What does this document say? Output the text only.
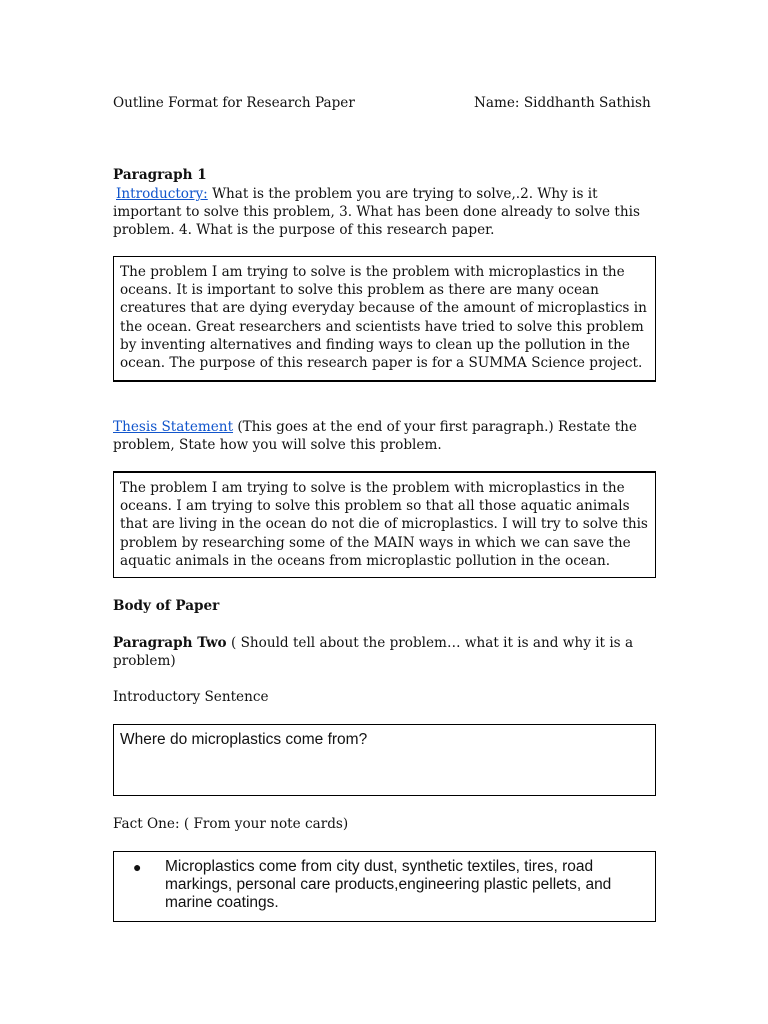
Outline Format for Research Paper	Name: Siddhanth Sathish
Paragraph 1
Introductory: What is the problem you are trying to solve,.2. Why is it important to solve this problem, 3. What has been done already to solve this problem. 4. What is the purpose of this research paper.
The problem I am trying to solve is the problem with microplastics in the oceans. It is important to solve this problem as there are many ocean creatures that are dying everyday because of the amount of microplastics in the ocean. Great researchers and scientists have tried to solve this problem by inventing alternatives and finding ways to clean up the pollution in the ocean. The purpose of this research paper is for a SUMMA Science project.
Thesis Statement (This goes at the end of your first paragraph.) Restate the problem, State how you will solve this problem.
The problem I am trying to solve is the problem with microplastics in the oceans. I am trying to solve this problem so that all those aquatic animals that are living in the ocean do not die of microplastics. I will try to solve this problem by researching some of the MAIN ways in which we can save the aquatic animals in the oceans from microplastic pollution in the ocean.
Body of Paper
Paragraph Two ( Should tell about the problem… what it is and why it is a problem)
Introductory Sentence
Where do microplastics come from?
Fact One: ( From your note cards)
●	Microplastics come from city dust, synthetic textiles, tires, road markings, personal care products,engineering plastic pellets, and marine coatings.
